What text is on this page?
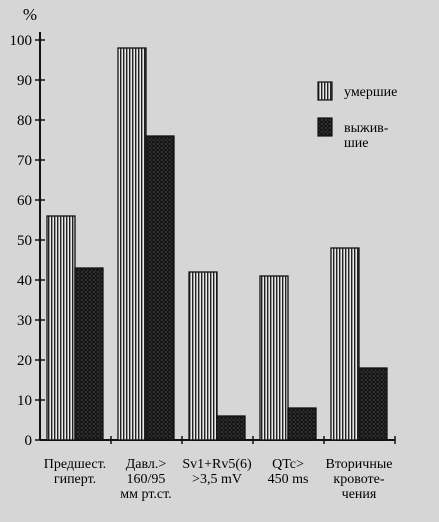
%
0
10
20
30
40
50
60
70
80
90
100
Предшест.
гиперт.
Давл.>
160/95
мм рт.ст.
Sv1+Rv5(6)
>3,5 mV
QTc>
450 ms
Вторичные
кровоте-
чения
умершие
выжив-шие
